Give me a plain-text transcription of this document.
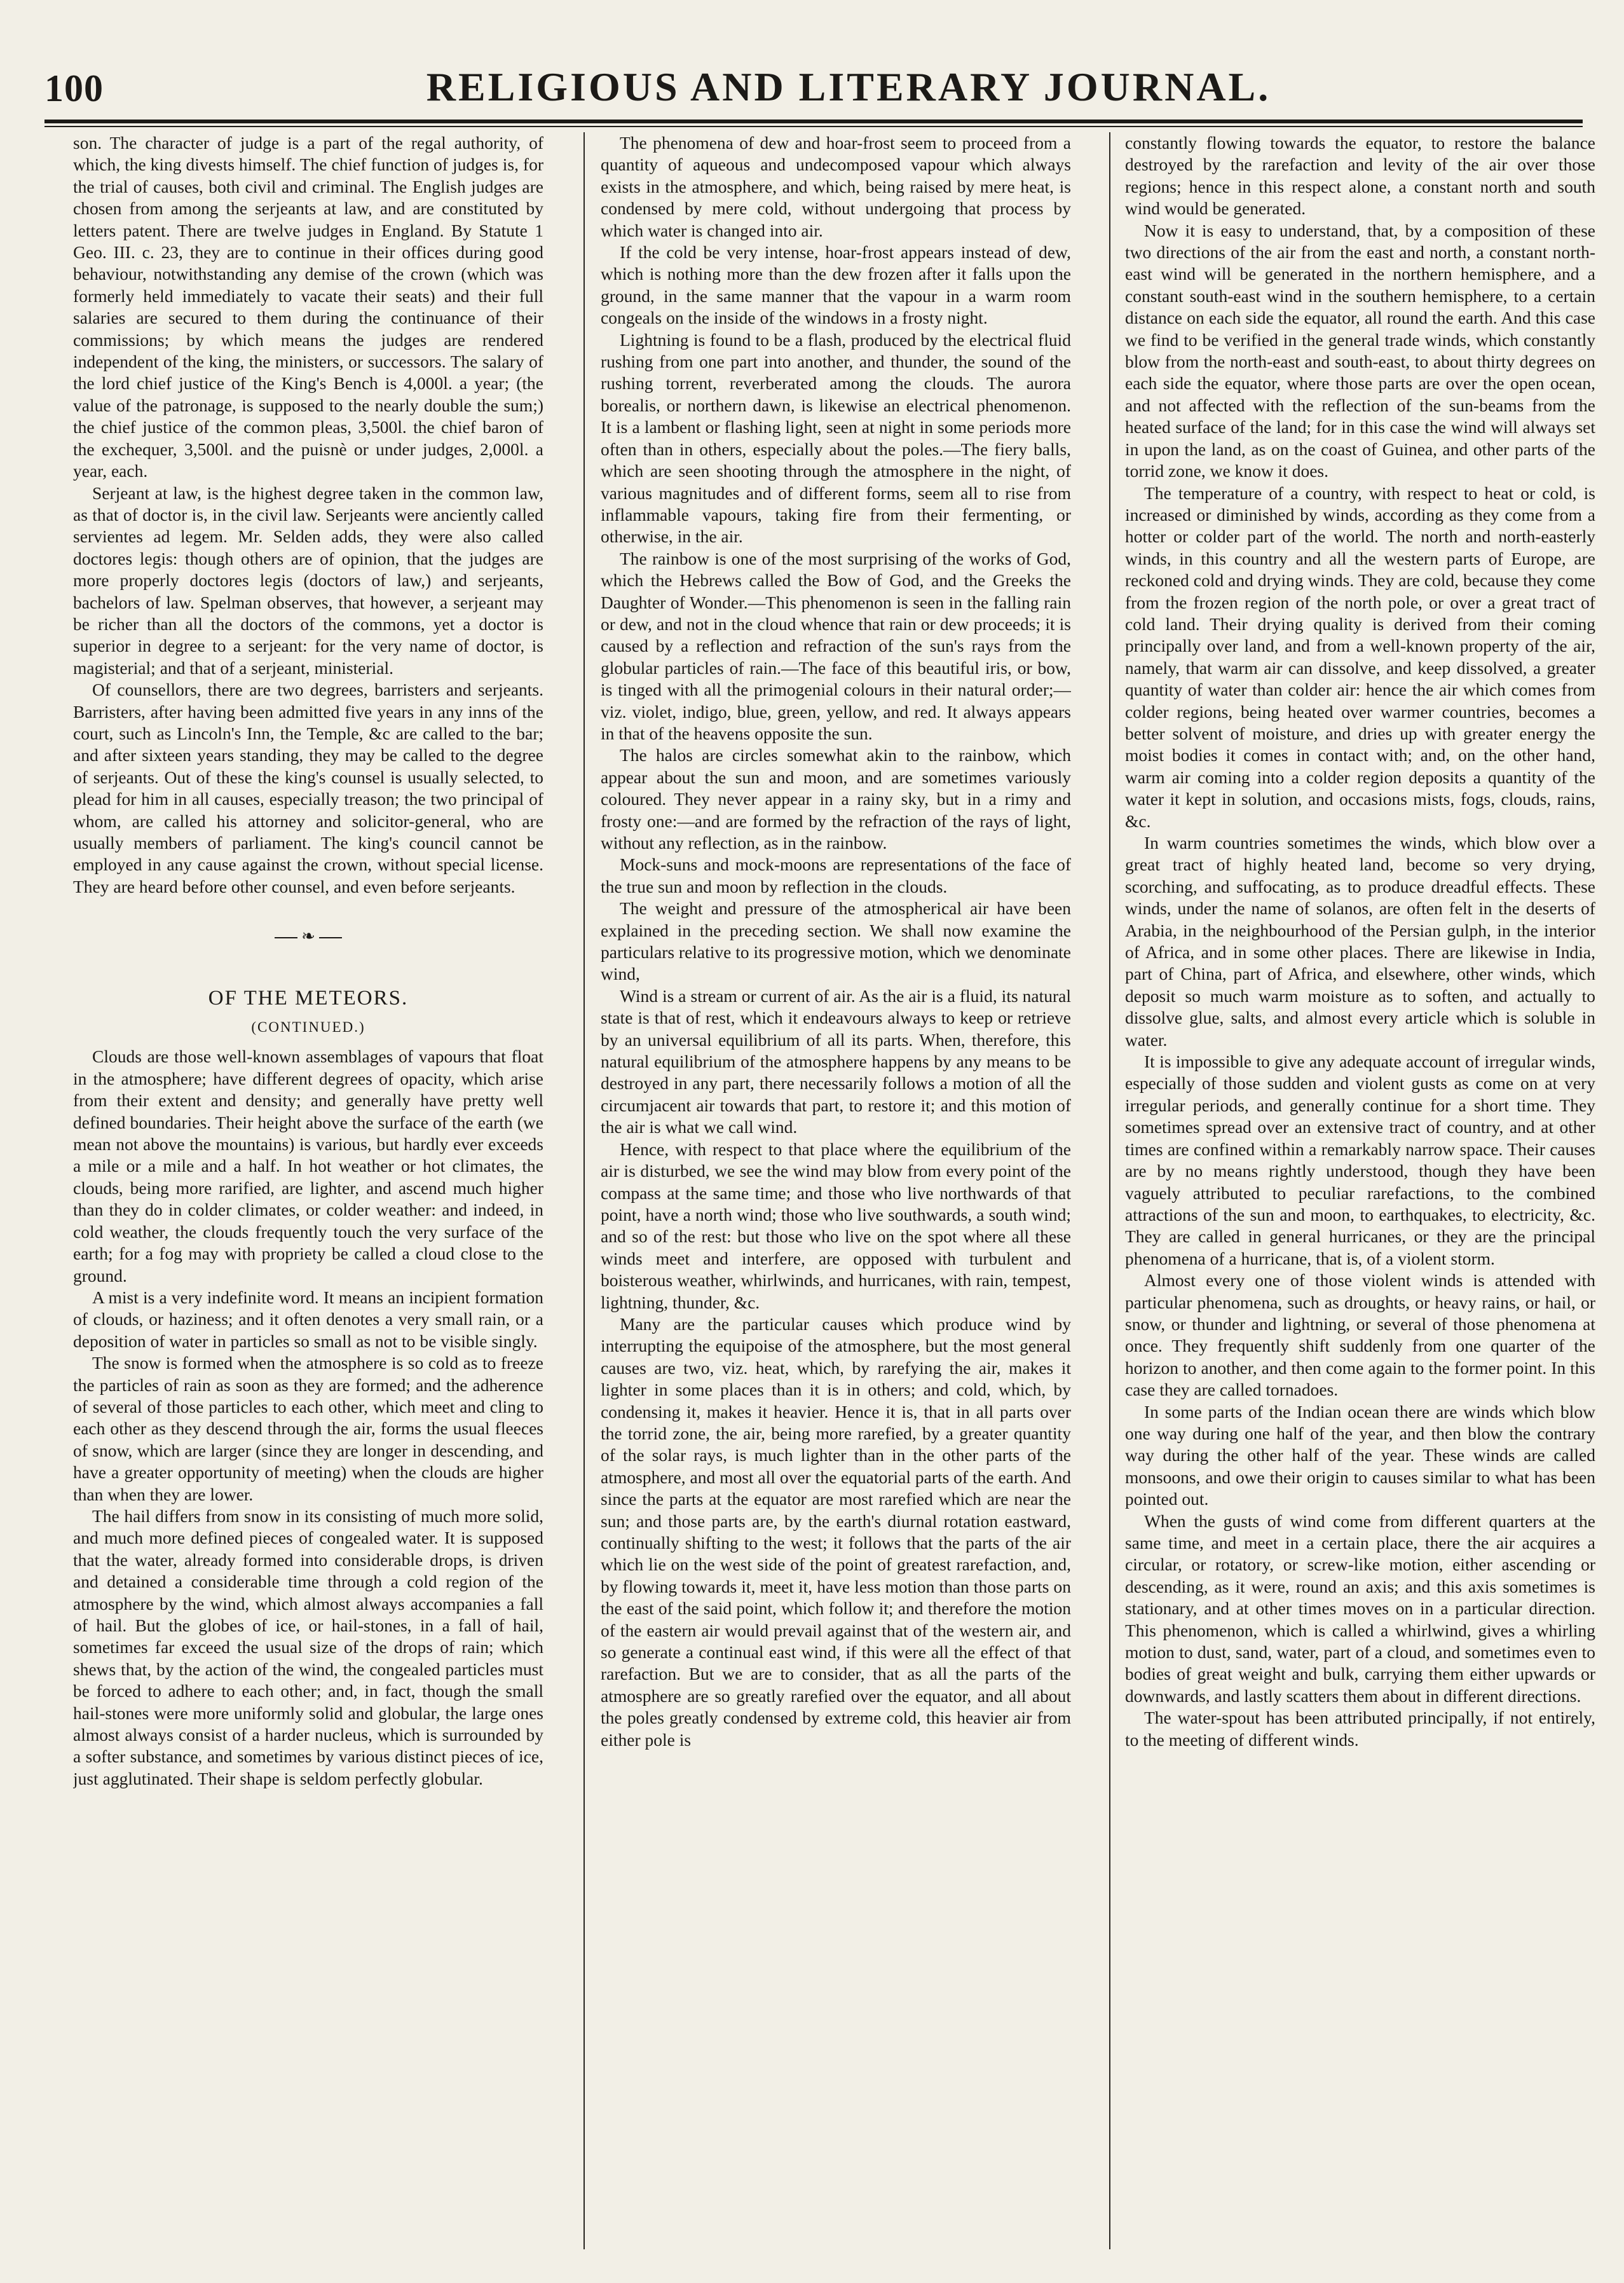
100	RELIGIOUS AND LITERARY JOURNAL.

son. The character of judge is a part of the regal authority, of which, the king divests himself. The chief function of judges is, for the trial of causes, both civil and criminal. The English judges are chosen from among the serjeants at law, and are constituted by letters patent. There are twelve judges in England. By Statute 1 Geo. III. c. 23, they are to continue in their offices during good behaviour, notwithstanding any demise of the crown (which was formerly held immediately to vacate their seats) and their full salaries are secured to them during the continuance of their commissions; by which means the judges are rendered independent of the king, the ministers, or successors. The salary of the lord chief justice of the King's Bench is 4,000l. a year; (the value of the patronage, is supposed to the nearly double the sum;) the chief justice of the common pleas, 3,500l. the chief baron of the exchequer, 3,500l. and the puisnè or under judges, 2,000l. a year, each.

Serjeant at law, is the highest degree taken in the common law, as that of doctor is, in the civil law. Serjeants were anciently called servientes ad legem. Mr. Selden adds, they were also called doctores legis: though others are of opinion, that the judges are more properly doctores legis (doctors of law,) and serjeants, bachelors of law. Spelman observes, that however, a serjeant may be richer than all the doctors of the commons, yet a doctor is superior in degree to a serjeant: for the very name of doctor, is magisterial; and that of a serjeant, ministerial.

Of counsellors, there are two degrees, barristers and serjeants. Barristers, after having been admitted five years in any inns of the court, such as Lincoln's Inn, the Temple, &c are called to the bar; and after sixteen years standing, they may be called to the degree of serjeants. Out of these the king's counsel is usually selected, to plead for him in all causes, especially treason; the two principal of whom, are called his attorney and solicitor-general, who are usually members of parliament. The king's council cannot be employed in any cause against the crown, without special license. They are heard before other counsel, and even before serjeants.

❧
OF THE METEORS.
(CONTINUED.)

Clouds are those well-known assemblages of vapours that float in the atmosphere; have different degrees of opacity, which arise from their extent and density; and generally have pretty well defined boundaries. Their height above the surface of the earth (we mean not above the mountains) is various, but hardly ever exceeds a mile or a mile and a half. In hot weather or hot climates, the clouds, being more rarified, are lighter, and ascend much higher than they do in colder climates, or colder weather: and indeed, in cold weather, the clouds frequently touch the very surface of the earth; for a fog may with propriety be called a cloud close to the ground.

A mist is a very indefinite word. It means an incipient formation of clouds, or haziness; and it often denotes a very small rain, or a deposition of water in particles so small as not to be visible singly.

The snow is formed when the atmosphere is so cold as to freeze the particles of rain as soon as they are formed; and the adherence of several of those particles to each other, which meet and cling to each other as they descend through the air, forms the usual fleeces of snow, which are larger (since they are longer in descending, and have a greater opportunity of meeting) when the clouds are higher than when they are lower.

The hail differs from snow in its consisting of much more solid, and much more defined pieces of congealed water. It is supposed that the water, already formed into considerable drops, is driven and detained a considerable time through a cold region of the atmosphere by the wind, which almost always accompanies a fall of hail. But the globes of ice, or hail-stones, in a fall of hail, sometimes far exceed the usual size of the drops of rain; which shews that, by the action of the wind, the congealed particles must be forced to adhere to each other; and, in fact, though the small hail-stones were more uniformly solid and globular, the large ones almost always consist of a harder nucleus, which is surrounded by a softer substance, and sometimes by various distinct pieces of ice, just agglutinated. Their shape is seldom perfectly globular.

The phenomena of dew and hoar-frost seem to proceed from a quantity of aqueous and undecomposed vapour which always exists in the atmosphere, and which, being raised by mere heat, is condensed by mere cold, without undergoing that process by which water is changed into air.

If the cold be very intense, hoar-frost appears instead of dew, which is nothing more than the dew frozen after it falls upon the ground, in the same manner that the vapour in a warm room congeals on the inside of the windows in a frosty night.

Lightning is found to be a flash, produced by the electrical fluid rushing from one part into another, and thunder, the sound of the rushing torrent, reverberated among the clouds. The aurora borealis, or northern dawn, is likewise an electrical phenomenon. It is a lambent or flashing light, seen at night in some periods more often than in others, especially about the poles.—The fiery balls, which are seen shooting through the atmosphere in the night, of various magnitudes and of different forms, seem all to rise from inflammable vapours, taking fire from their fermenting, or otherwise, in the air.

The rainbow is one of the most surprising of the works of God, which the Hebrews called the Bow of God, and the Greeks the Daughter of Wonder.—This phenomenon is seen in the falling rain or dew, and not in the cloud whence that rain or dew proceeds; it is caused by a reflection and refraction of the sun's rays from the globular particles of rain.—The face of this beautiful iris, or bow, is tinged with all the primogenial colours in their natural order;—viz. violet, indigo, blue, green, yellow, and red. It always appears in that of the heavens opposite the sun.

The halos are circles somewhat akin to the rainbow, which appear about the sun and moon, and are sometimes variously coloured. They never appear in a rainy sky, but in a rimy and frosty one:—and are formed by the refraction of the rays of light, without any reflection, as in the rainbow.

Mock-suns and mock-moons are representations of the face of the true sun and moon by reflection in the clouds.

The weight and pressure of the atmospherical air have been explained in the preceding section. We shall now examine the particulars relative to its progressive motion, which we denominate wind,

Wind is a stream or current of air. As the air is a fluid, its natural state is that of rest, which it endeavours always to keep or retrieve by an universal equilibrium of all its parts. When, therefore, this natural equilibrium of the atmosphere happens by any means to be destroyed in any part, there necessarily follows a motion of all the circumjacent air towards that part, to restore it; and this motion of the air is what we call wind.

Hence, with respect to that place where the equilibrium of the air is disturbed, we see the wind may blow from every point of the compass at the same time; and those who live northwards of that point, have a north wind; those who live southwards, a south wind; and so of the rest: but those who live on the spot where all these winds meet and interfere, are opposed with turbulent and boisterous weather, whirlwinds, and hurricanes, with rain, tempest, lightning, thunder, &c.

Many are the particular causes which produce wind by interrupting the equipoise of the atmosphere, but the most general causes are two, viz. heat, which, by rarefying the air, makes it lighter in some places than it is in others; and cold, which, by condensing it, makes it heavier. Hence it is, that in all parts over the torrid zone, the air, being more rarefied, by a greater quantity of the solar rays, is much lighter than in the other parts of the atmosphere, and most all over the equatorial parts of the earth. And since the parts at the equator are most rarefied which are near the sun; and those parts are, by the earth's diurnal rotation eastward, continually shifting to the west; it follows that the parts of the air which lie on the west side of the point of greatest rarefaction, and, by flowing towards it, meet it, have less motion than those parts on the east of the said point, which follow it; and therefore the motion of the eastern air would prevail against that of the western air, and so generate a continual east wind, if this were all the effect of that rarefaction. But we are to consider, that as all the parts of the atmosphere are so greatly rarefied over the equator, and all about the poles greatly condensed by extreme cold, this heavier air from either pole is

constantly flowing towards the equator, to restore the balance destroyed by the rarefaction and levity of the air over those regions; hence in this respect alone, a constant north and south wind would be generated.

Now it is easy to understand, that, by a composition of these two directions of the air from the east and north, a constant north-east wind will be generated in the northern hemisphere, and a constant south-east wind in the southern hemisphere, to a certain distance on each side the equator, all round the earth. And this case we find to be verified in the general trade winds, which constantly blow from the north-east and south-east, to about thirty degrees on each side the equator, where those parts are over the open ocean, and not affected with the reflection of the sun-beams from the heated surface of the land; for in this case the wind will always set in upon the land, as on the coast of Guinea, and other parts of the torrid zone, we know it does.

The temperature of a country, with respect to heat or cold, is increased or diminished by winds, according as they come from a hotter or colder part of the world. The north and north-easterly winds, in this country and all the western parts of Europe, are reckoned cold and drying winds. They are cold, because they come from the frozen region of the north pole, or over a great tract of cold land. Their drying quality is derived from their coming principally over land, and from a well-known property of the air, namely, that warm air can dissolve, and keep dissolved, a greater quantity of water than colder air: hence the air which comes from colder regions, being heated over warmer countries, becomes a better solvent of moisture, and dries up with greater energy the moist bodies it comes in contact with; and, on the other hand, warm air coming into a colder region deposits a quantity of the water it kept in solution, and occasions mists, fogs, clouds, rains, &c.

In warm countries sometimes the winds, which blow over a great tract of highly heated land, become so very drying, scorching, and suffocating, as to produce dreadful effects. These winds, under the name of solanos, are often felt in the deserts of Arabia, in the neighbourhood of the Persian gulph, in the interior of Africa, and in some other places. There are likewise in India, part of China, part of Africa, and elsewhere, other winds, which deposit so much warm moisture as to soften, and actually to dissolve glue, salts, and almost every article which is soluble in water.

It is impossible to give any adequate account of irregular winds, especially of those sudden and violent gusts as come on at very irregular periods, and generally continue for a short time. They sometimes spread over an extensive tract of country, and at other times are confined within a remarkably narrow space. Their causes are by no means rightly understood, though they have been vaguely attributed to peculiar rarefactions, to the combined attractions of the sun and moon, to earthquakes, to electricity, &c. They are called in general hurricanes, or they are the principal phenomena of a hurricane, that is, of a violent storm.

Almost every one of those violent winds is attended with particular phenomena, such as droughts, or heavy rains, or hail, or snow, or thunder and lightning, or several of those phenomena at once. They frequently shift suddenly from one quarter of the horizon to another, and then come again to the former point. In this case they are called tornadoes.

In some parts of the Indian ocean there are winds which blow one way during one half of the year, and then blow the contrary way during the other half of the year. These winds are called monsoons, and owe their origin to causes similar to what has been pointed out.

When the gusts of wind come from different quarters at the same time, and meet in a certain place, there the air acquires a circular, or rotatory, or screw-like motion, either ascending or descending, as it were, round an axis; and this axis sometimes is stationary, and at other times moves on in a particular direction. This phenomenon, which is called a whirlwind, gives a whirling motion to dust, sand, water, part of a cloud, and sometimes even to bodies of great weight and bulk, carrying them either upwards or downwards, and lastly scatters them about in different directions.

The water-spout has been attributed principally, if not entirely, to the meeting of different winds.
